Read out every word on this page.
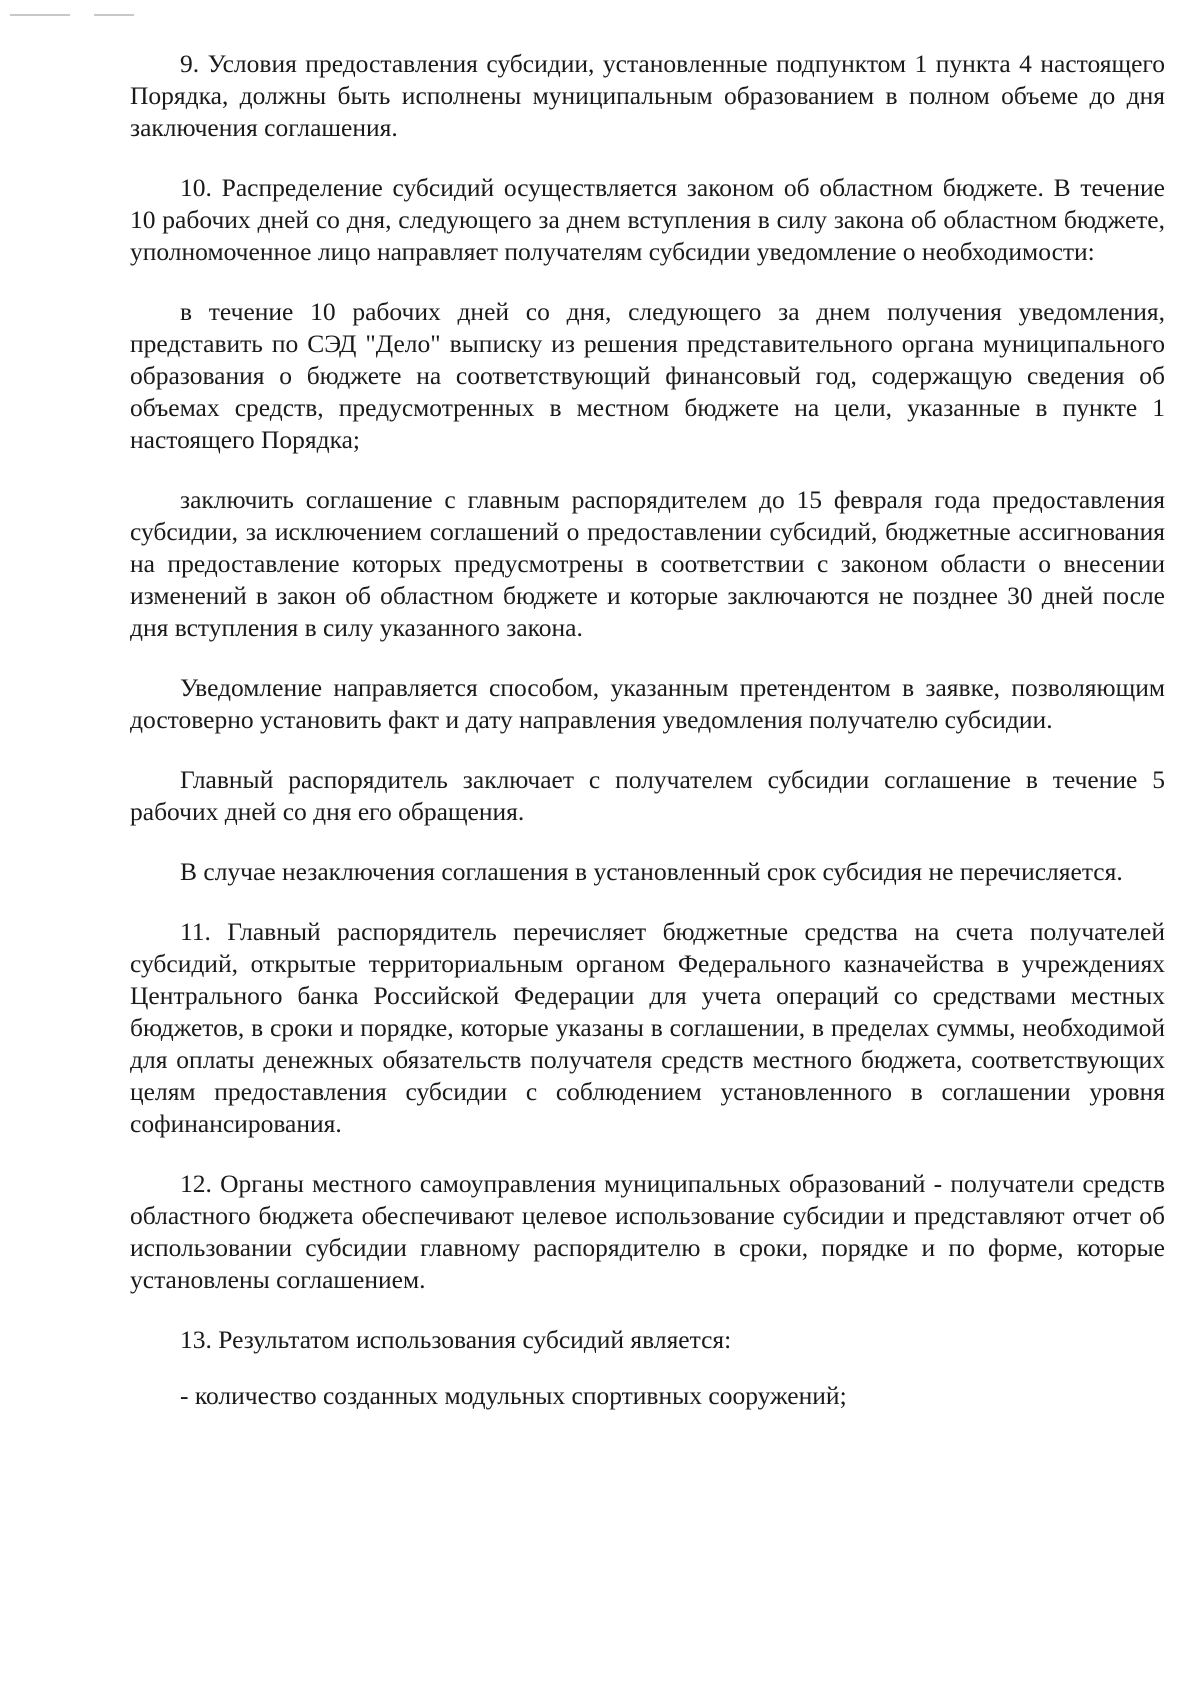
9. Условия предоставления субсидии, установленные подпунктом 1 пункта 4 настоящего Порядка, должны быть исполнены муниципальным образованием в полном объеме до дня заключения соглашения.

10. Распределение субсидий осуществляется законом об областном бюджете. В течение 10 рабочих дней со дня, следующего за днем вступления в силу закона об областном бюджете, уполномоченное лицо направляет получателям субсидии уведомление о необходимости:

в течение 10 рабочих дней со дня, следующего за днем получения уведомления, представить по СЭД "Дело" выписку из решения представительного органа муниципального образования о бюджете на соответствующий финансовый год, содержащую сведения об объемах средств, предусмотренных в местном бюджете на цели, указанные в пункте 1 настоящего Порядка;

заключить соглашение с главным распорядителем до 15 февраля года предоставления субсидии, за исключением соглашений о предоставлении субсидий, бюджетные ассигнования на предоставление которых предусмотрены в соответствии с законом области о внесении изменений в закон об областном бюджете и которые заключаются не позднее 30 дней после дня вступления в силу указанного закона.

Уведомление направляется способом, указанным претендентом в заявке, позволяющим достоверно установить факт и дату направления уведомления получателю субсидии.

Главный распорядитель заключает с получателем субсидии соглашение в течение 5 рабочих дней со дня его обращения.

В случае незаключения соглашения в установленный срок субсидия не перечисляется.

11. Главный распорядитель перечисляет бюджетные средства на счета получателей субсидий, открытые территориальным органом Федерального казначейства в учреждениях Центрального банка Российской Федерации для учета операций со средствами местных бюджетов, в сроки и порядке, которые указаны в соглашении, в пределах суммы, необходимой для оплаты денежных обязательств получателя средств местного бюджета, соответствующих целям предоставления субсидии с соблюдением установленного в соглашении уровня софинансирования.

12. Органы местного самоуправления муниципальных образований - получатели средств областного бюджета обеспечивают целевое использование субсидии и представляют отчет об использовании субсидии главному распорядителю в сроки, порядке и по форме, которые установлены соглашением.

13. Результатом использования субсидий является:

- количество созданных модульных спортивных сооружений;
